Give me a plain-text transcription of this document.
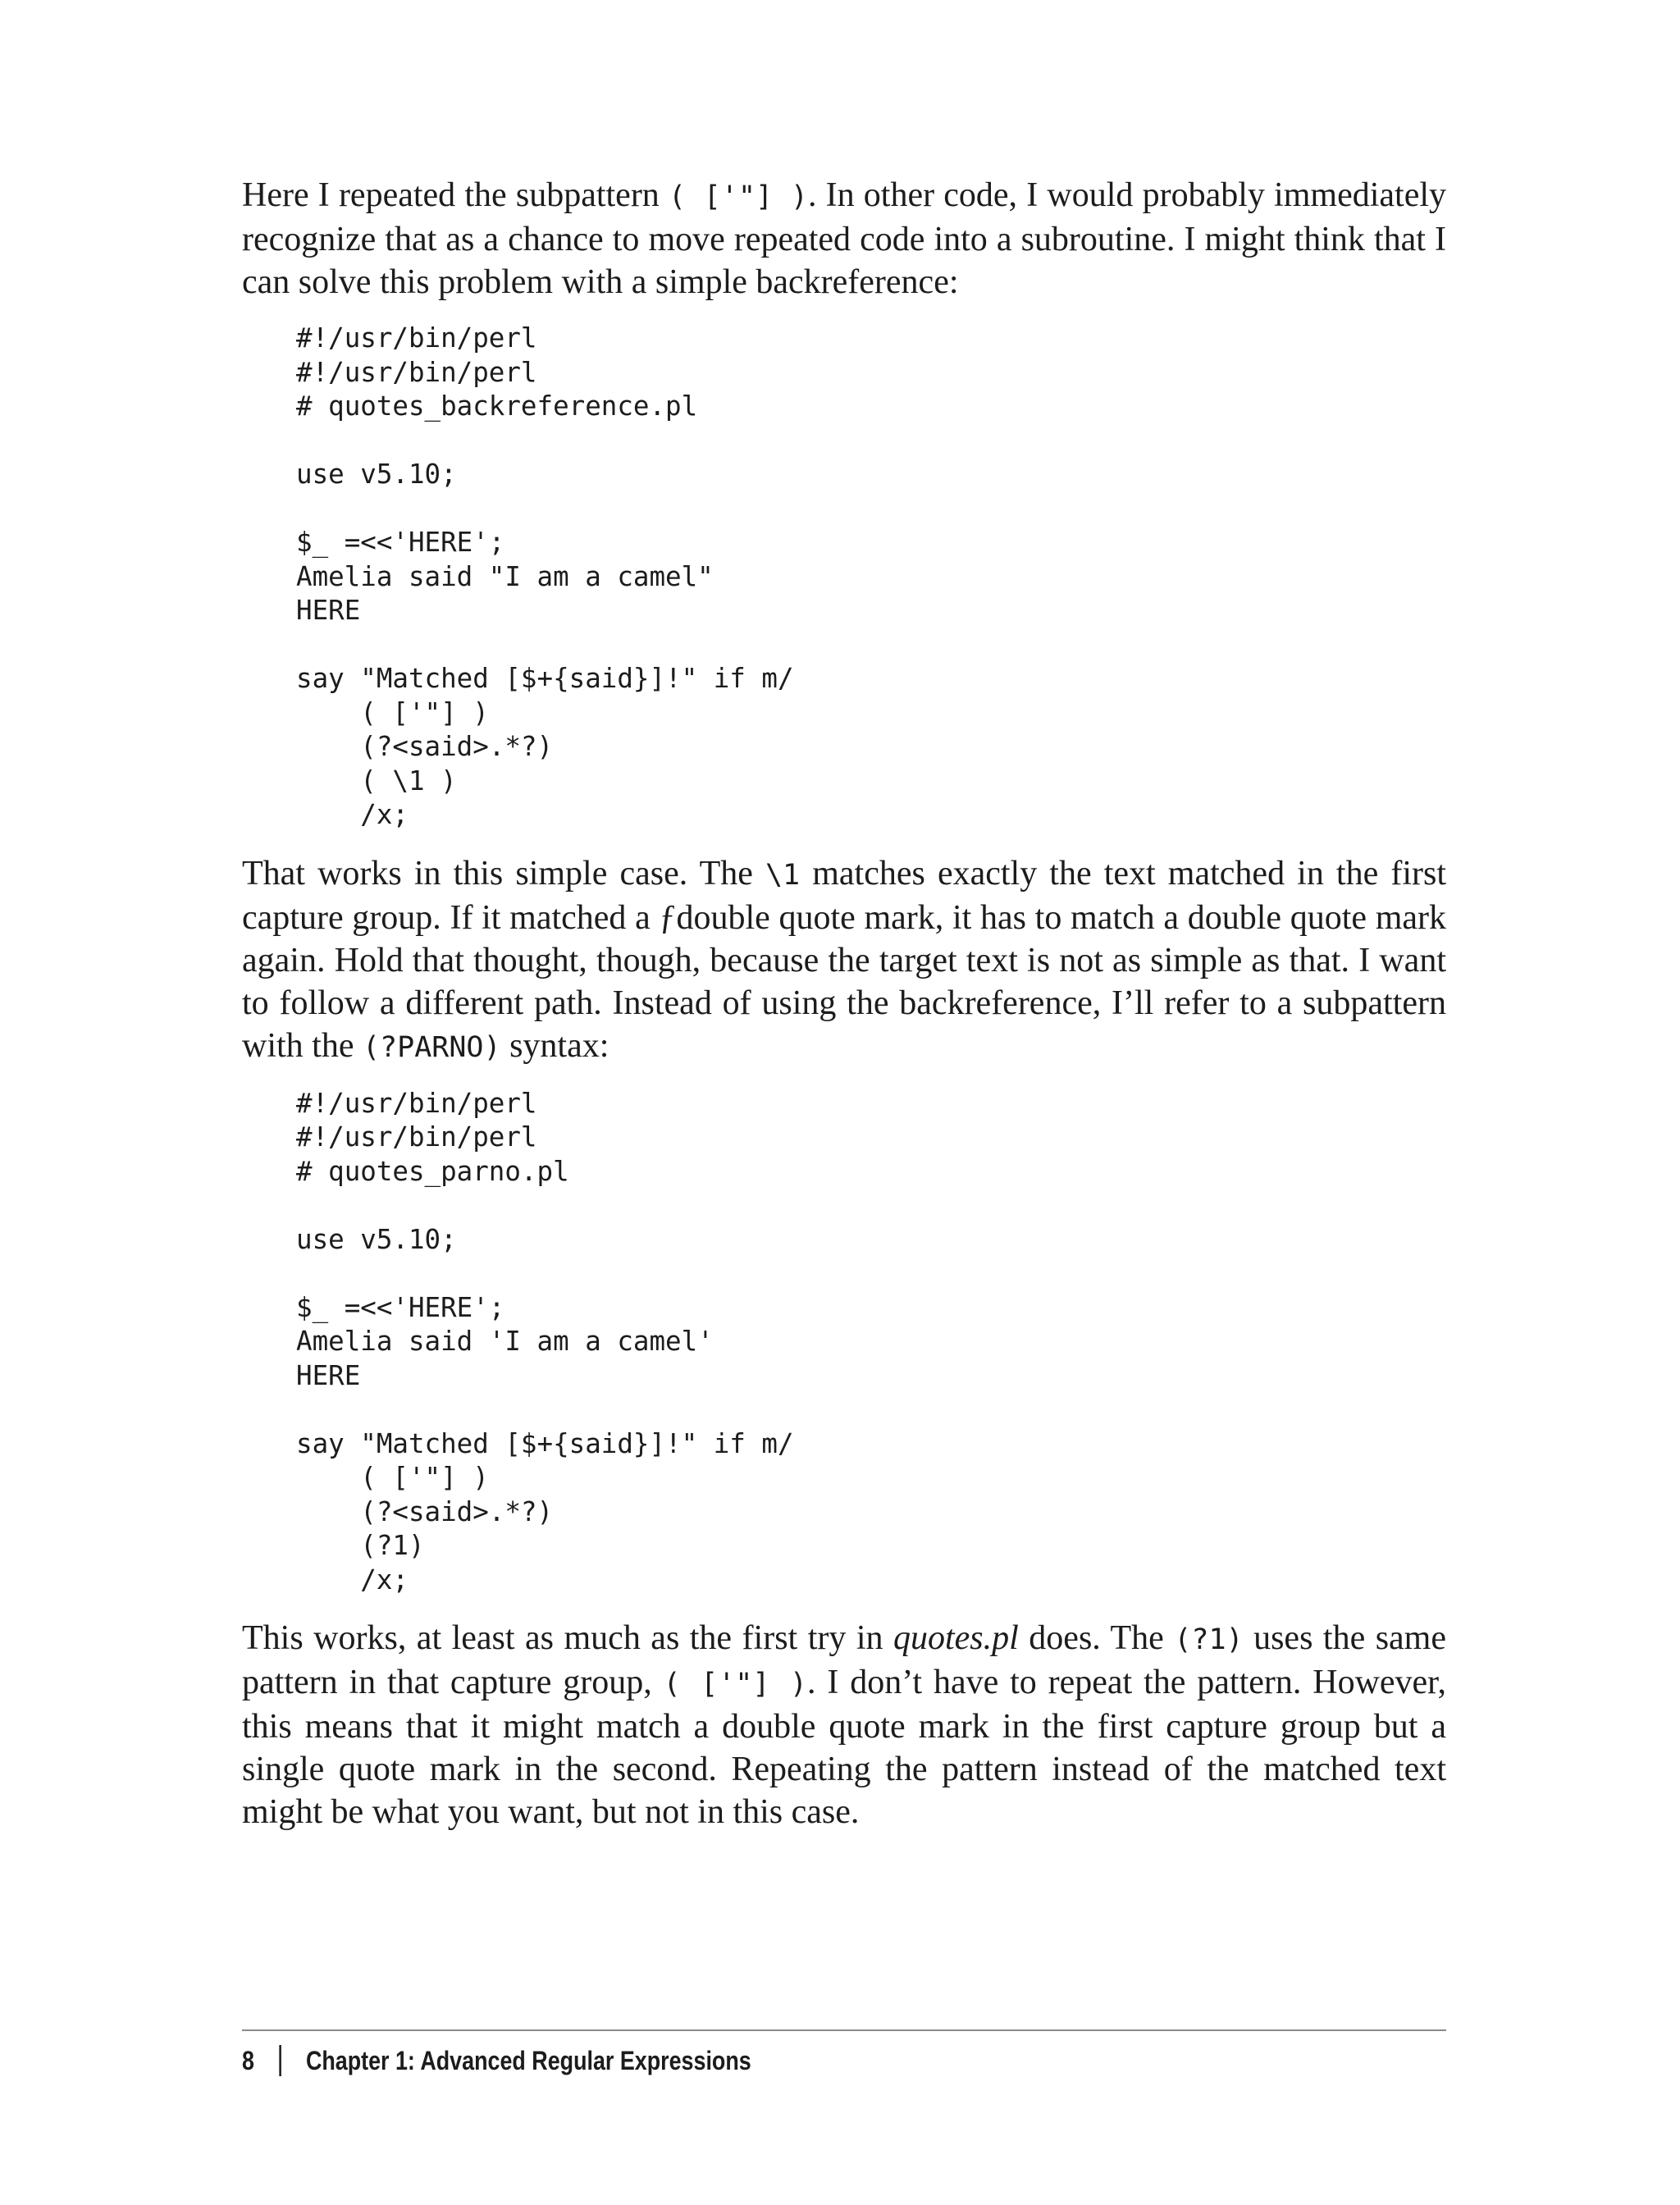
Here I repeated the subpattern ( ['"] ). In other code, I would probably immediately recognize that as a chance to move repeated code into a subroutine. I might think that I can solve this problem with a simple backreference:

#!/usr/bin/perl
#!/usr/bin/perl
# quotes_backreference.pl

use v5.10;

$_ =<<'HERE';
Amelia said "I am a camel"
HERE

say "Matched [$+{said}]!" if m/
( ['"] )
(?<said>.*?)
( \1 )
/x;

That works in this simple case. The \1 matches exactly the text matched in the first capture group. If it matched a ƒdouble quote mark, it has to match a double quote mark again. Hold that thought, though, because the target text is not as simple as that. I want to follow a different path. Instead of using the backreference, I’ll refer to a subpattern with the (?PARNO) syntax:

#!/usr/bin/perl
#!/usr/bin/perl
# quotes_parno.pl

use v5.10;

$_ =<<'HERE';
Amelia said 'I am a camel'
HERE

say "Matched [$+{said}]!" if m/
( ['"] )
(?<said>.*?)
(?1)
/x;

This works, at least as much as the first try in quotes.pl does. The (?1) uses the same pattern in that capture group, ( ['"] ). I don’t have to repeat the pattern. However, this means that it might match a double quote mark in the first capture group but a single quote mark in the second. Repeating the pattern instead of the matched text might be what you want, but not in this case.

8 Chapter 1: Advanced Regular Expressions
